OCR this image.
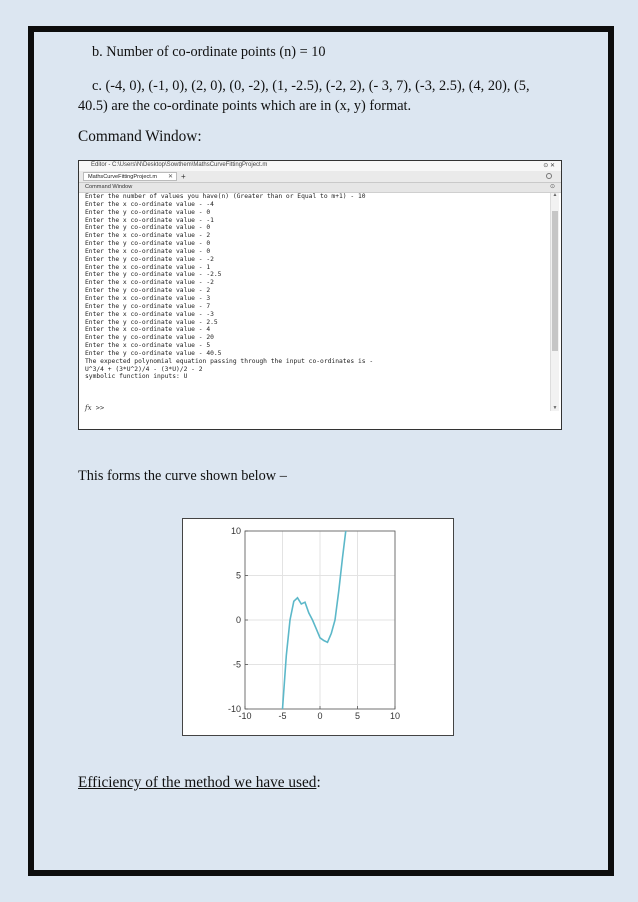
b. Number of co-ordinate points (n) = 10
c. (-4, 0), (-1, 0), (2, 0), (0, -2), (1, -2.5), (-2, 2), (- 3, 7), (-3, 2.5), (4, 20), (5, 40.5) are the co-ordinate points which are in (x, y) format.
Command Window:
Editor - C:\Users\N\Desktop\Sowthem\MathsCurveFittingProject.m	⊙ ✕
MathsCurveFittingProject.m ✕ +
Command Window	⊙
Enter the number of values you have(n) (Greater than or Equal to m+1) - 10
Enter the x co-ordinate value - -4
Enter the y co-ordinate value - 0
Enter the x co-ordinate value - -1
Enter the y co-ordinate value - 0
Enter the x co-ordinate value - 2
Enter the y co-ordinate value - 0
Enter the x co-ordinate value - 0
Enter the y co-ordinate value - -2
Enter the x co-ordinate value - 1
Enter the y co-ordinate value - -2.5
Enter the x co-ordinate value - -2
Enter the y co-ordinate value - 2
Enter the x co-ordinate value - 3
Enter the y co-ordinate value - 7
Enter the x co-ordinate value - -3
Enter the y co-ordinate value - 2.5
Enter the x co-ordinate value - 4
Enter the y co-ordinate value - 20
Enter the x co-ordinate value - 5
Enter the y co-ordinate value - 40.5
The expected polynomial equation passing through the input co-ordinates is -
U^3/4 + (3*U^2)/4 - (3*U)/2 - 2
symbolic function inputs: U
▲
▼
fx >>
This forms the curve shown below –
-10	-5	0	5	10
-10
-5
0
5
10
Efficiency of the method we have used:
